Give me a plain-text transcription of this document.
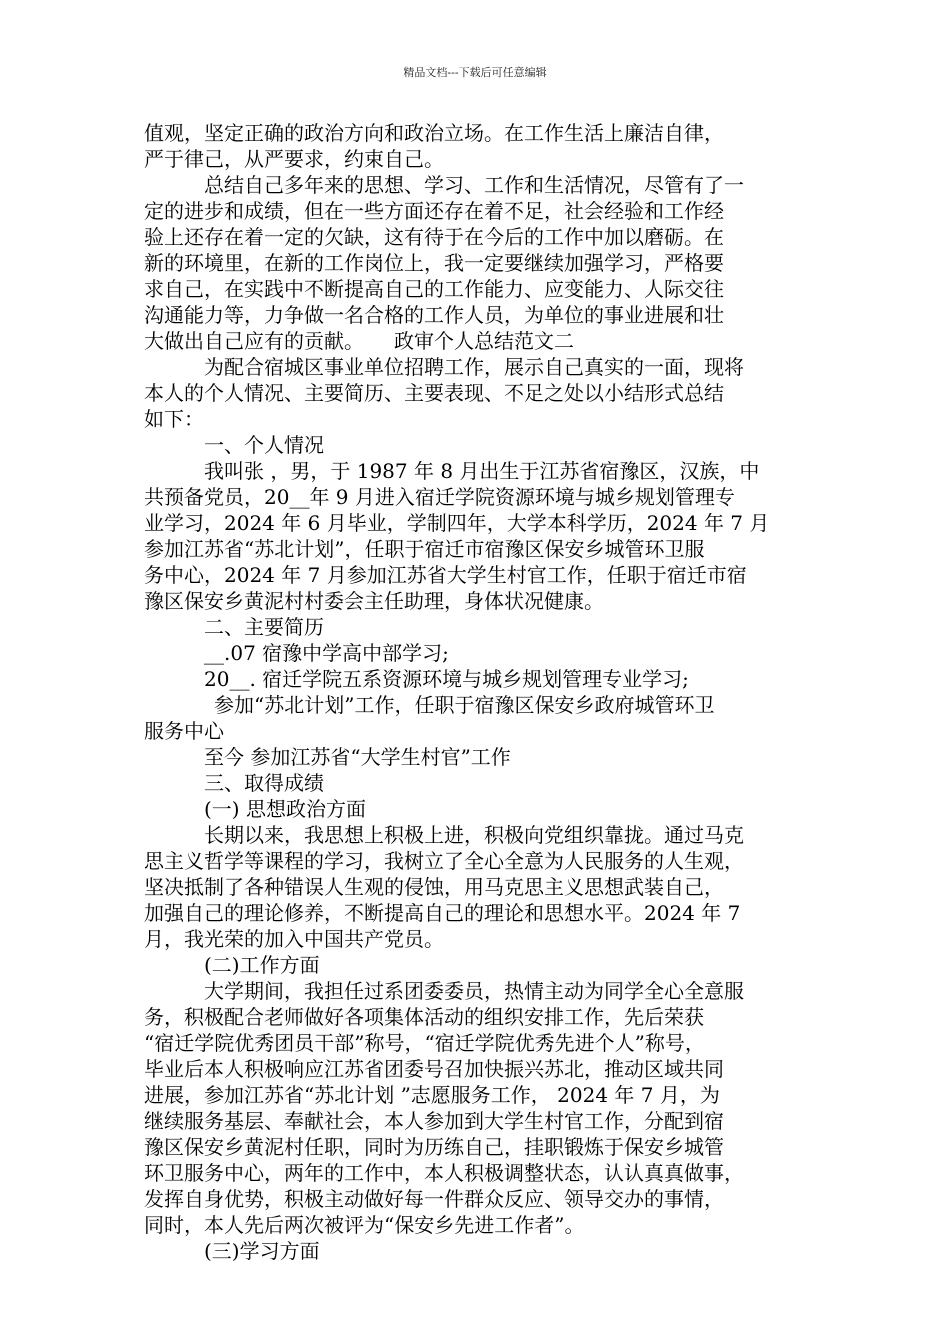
精品文档---下载后可任意编辑
值观，坚定正确的政治方向和政治立场。在工作生活上廉洁自律，
严于律己，从严要求，约束自己。
总结自己多年来的思想、学习、工作和生活情况，尽管有了一
定的进步和成绩，但在一些方面还存在着不足，社会经验和工作经
验上还存在着一定的欠缺，这有待于在今后的工作中加以磨砺。在
新的环境里，在新的工作岗位上，我一定要继续加强学习，严格要
求自己，在实践中不断提高自己的工作能力、应变能力、人际交往
沟通能力等，力争做一名合格的工作人员，为单位的事业进展和壮
大做出自己应有的贡献。　　政审个人总结范文二
为配合宿城区事业单位招聘工作，展示自己真实的一面，现将
本人的个人情况、主要简历、主要表现、不足之处以小结形式总结
如下：
一、个人情况
我叫张 ，男，于 1987 年 8 月出生于江苏省宿豫区，汉族，中
共预备党员，20__年 9 月进入宿迁学院资源环境与城乡规划管理专
业学习，2024 年 6 月毕业，学制四年，大学本科学历，2024 年 7 月
参加江苏省“苏北计划”，任职于宿迁市宿豫区保安乡城管环卫服
务中心，2024 年 7 月参加江苏省大学生村官工作，任职于宿迁市宿
豫区保安乡黄泥村村委会主任助理，身体状况健康。
二、主要简历
__.07 宿豫中学高中部学习;
20__. 宿迁学院五系资源环境与城乡规划管理专业学习;
参加“苏北计划”工作，任职于宿豫区保安乡政府城管环卫
服务中心
至今 参加江苏省“大学生村官”工作
三、取得成绩
(一) 思想政治方面
长期以来，我思想上积极上进，积极向党组织靠拢。通过马克
思主义哲学等课程的学习，我树立了全心全意为人民服务的人生观，
坚决抵制了各种错误人生观的侵蚀，用马克思主义思想武装自己，
加强自己的理论修养，不断提高自己的理论和思想水平。2024 年 7
月，我光荣的加入中国共产党员。
(二)工作方面
大学期间，我担任过系团委委员，热情主动为同学全心全意服
务，积极配合老师做好各项集体活动的组织安排工作，先后荣获
“宿迁学院优秀团员干部”称号，“宿迁学院优秀先进个人”称号，
毕业后本人积极响应江苏省团委号召加快振兴苏北，推动区域共同
进展，参加江苏省“苏北计划 ”志愿服务工作， 2024 年 7 月，为
继续服务基层、奉献社会，本人参加到大学生村官工作，分配到宿
豫区保安乡黄泥村任职，同时为历练自己，挂职锻炼于保安乡城管
环卫服务中心，两年的工作中，本人积极调整状态，认认真真做事，
发挥自身优势，积极主动做好每一件群众反应、领导交办的事情，
同时，本人先后两次被评为“保安乡先进工作者”。
(三)学习方面
